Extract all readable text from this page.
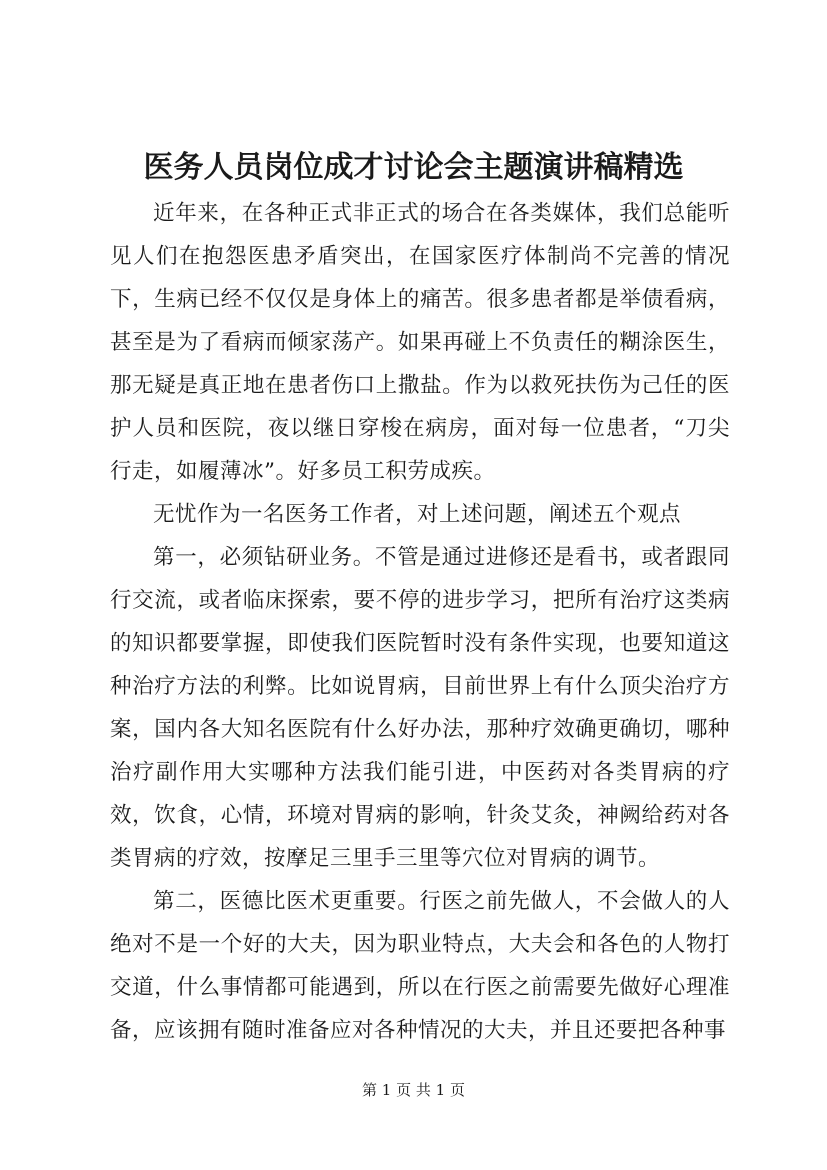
医务人员岗位成才讨论会主题演讲稿精选

近年来，在各种正式非正式的场合在各类媒体，我们总能听见人们在抱怨医患矛盾突出，在国家医疗体制尚不完善的情况下，生病已经不仅仅是身体上的痛苦。很多患者都是举债看病，甚至是为了看病而倾家荡产。如果再碰上不负责任的糊涂医生，那无疑是真正地在患者伤口上撒盐。作为以救死扶伤为己任的医护人员和医院，夜以继日穿梭在病房，面对每一位患者，“刀尖行走，如履薄冰”。好多员工积劳成疾。

无忧作为一名医务工作者，对上述问题，阐述五个观点

第一，必须钻研业务。不管是通过进修还是看书，或者跟同行交流，或者临床探索，要不停的进步学习，把所有治疗这类病的知识都要掌握，即使我们医院暂时没有条件实现，也要知道这种治疗方法的利弊。比如说胃病，目前世界上有什么顶尖治疗方案，国内各大知名医院有什么好办法，那种疗效确更确切，哪种治疗副作用大实哪种方法我们能引进，中医药对各类胃病的疗效，饮食，心情，环境对胃病的影响，针灸艾灸，神阙给药对各类胃病的疗效，按摩足三里手三里等穴位对胃病的调节。

第二，医德比医术更重要。行医之前先做人，不会做人的人绝对不是一个好的大夫，因为职业特点，大夫会和各色的人物打交道，什么事情都可能遇到，所以在行医之前需要先做好心理准备，应该拥有随时准备应对各种情况的大夫，并且还要把各种事

第 1 页 共 1 页
